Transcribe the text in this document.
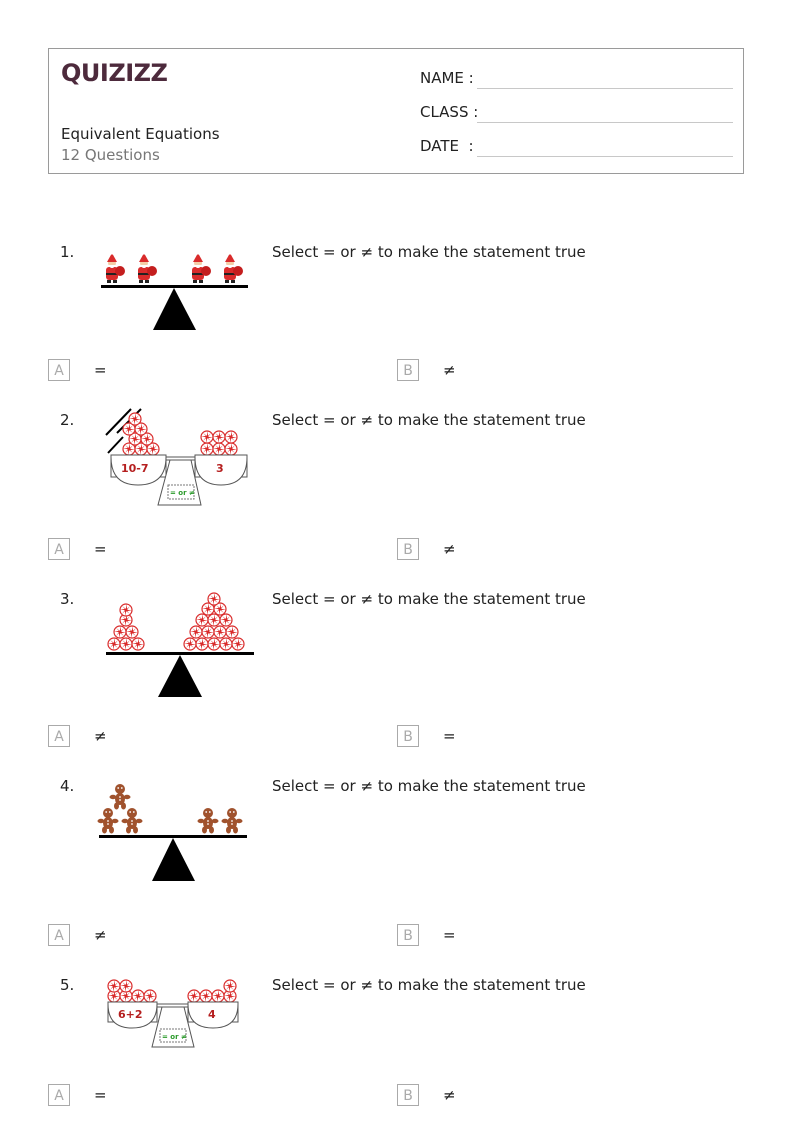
QUIZIZZ
Equivalent Equations
12 Questions
NAME :
CLASS :
DATE  :
1.	Select = or ≠ to make the statement true
A	=	B	≠
2.	Select = or ≠ to make the statement true
10-7	3
= or ≠
A	=	B	≠
3.	Select = or ≠ to make the statement true
A	≠	B	=
4.	Select = or ≠ to make the statement true
A	≠	B	=
5.	Select = or ≠ to make the statement true
6+2	4
= or ≠
A	=	B	≠
